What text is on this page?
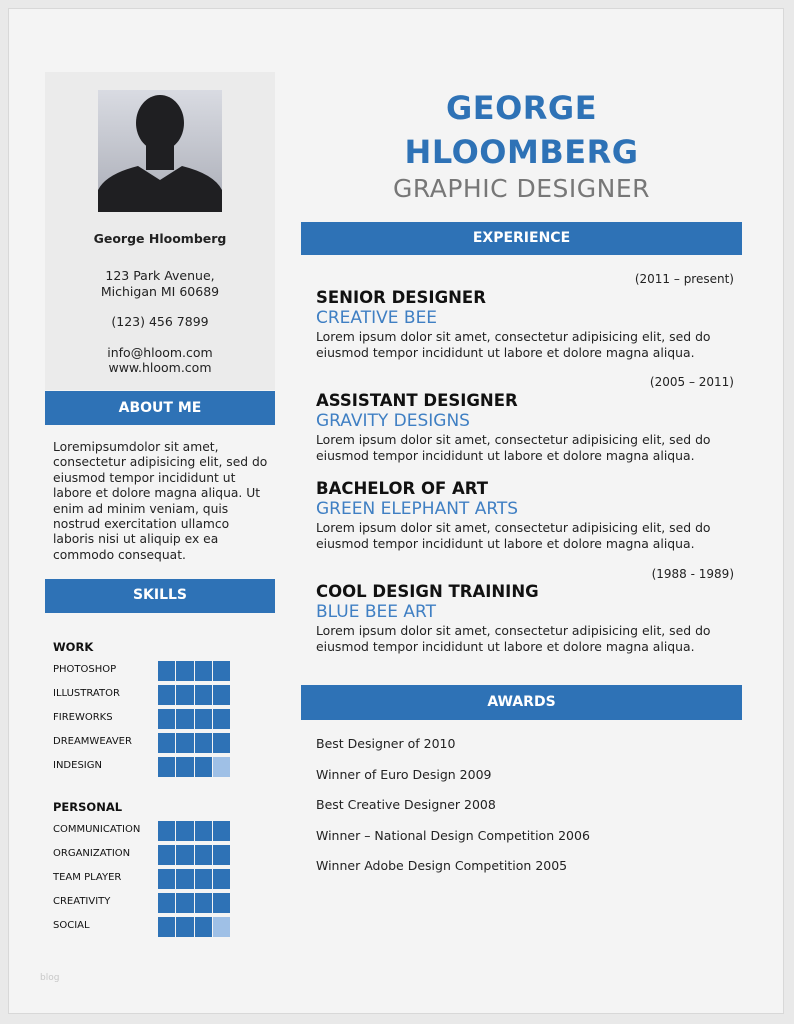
George Hloomberg
123 Park Avenue,
Michigan MI 60689
(123) 456 7899
info@hloom.com
www.hloom.com
ABOUT ME
Loremipsumdolor sit amet, consectetur adipisicing elit, sed do eiusmod tempor incididunt ut labore et dolore magna aliqua. Ut enim ad minim veniam, quis nostrud exercitation ullamco laboris nisi ut aliquip ex ea commodo consequat.
SKILLS
WORK
PHOTOSHOP
ILLUSTRATOR
FIREWORKS
DREAMWEAVER
INDESIGN
PERSONAL
COMMUNICATION
ORGANIZATION
TEAM PLAYER
CREATIVITY
SOCIAL
GEORGE
HLOOMBERG
GRAPHIC DESIGNER
EXPERIENCE
(2011 – present)
SENIOR DESIGNER
CREATIVE BEE
Lorem ipsum dolor sit amet, consectetur adipisicing elit, sed do eiusmod tempor incididunt ut labore et dolore magna aliqua.
(2005 – 2011)
ASSISTANT DESIGNER
GRAVITY DESIGNS
Lorem ipsum dolor sit amet, consectetur adipisicing elit, sed do eiusmod tempor incididunt ut labore et dolore magna aliqua.
BACHELOR OF ART
GREEN ELEPHANT ARTS
Lorem ipsum dolor sit amet, consectetur adipisicing elit, sed do eiusmod tempor incididunt ut labore et dolore magna aliqua.
(1988 - 1989)
COOL DESIGN TRAINING
BLUE BEE ART
Lorem ipsum dolor sit amet, consectetur adipisicing elit, sed do eiusmod tempor incididunt ut labore et dolore magna aliqua.
AWARDS
Best Designer of 2010
Winner of Euro Design 2009
Best Creative Designer 2008
Winner – National Design Competition 2006
Winner Adobe Design Competition 2005
blog
